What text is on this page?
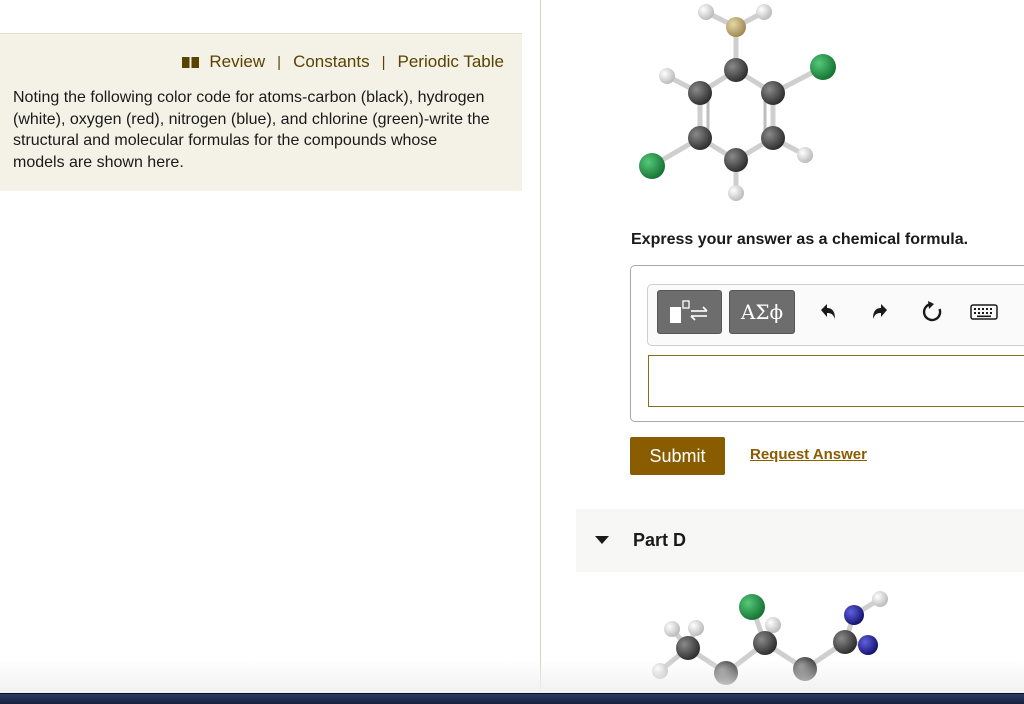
Review | Constants | Periodic Table
Noting the following color code for atoms-carbon (black), hydrogen (white), oxygen (red), nitrogen (blue), and chlorine (green)-write the structural and molecular formulas for the compounds whose models are shown here.
Express your answer as a chemical formula.
ΑΣϕ
Submit	Request Answer
Part D
